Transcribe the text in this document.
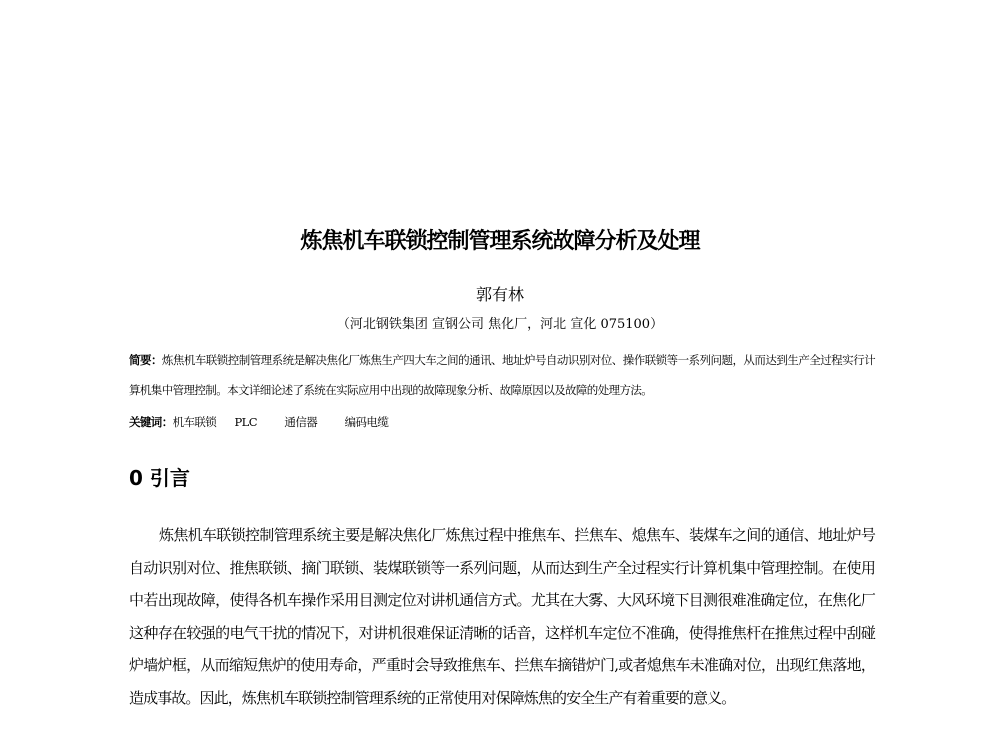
炼焦机车联锁控制管理系统故障分析及处理
郭有林
（河北钢铁集团 宣钢公司 焦化厂，河北 宣化 075100）
简要：炼焦机车联锁控制管理系统是解决焦化厂炼焦生产四大车之间的通讯、地址炉号自动识别对位、操作联锁等一系列问题，从而达到生产全过程实行计算机集中管理控制。本文详细论述了系统在实际应用中出现的故障现象分析、故障原因以及故障的处理方法。
关键词：机车联锁      PLC         通信器         编码电缆
0 引言

炼焦机车联锁控制管理系统主要是解决焦化厂炼焦过程中推焦车、拦焦车、熄焦车、装煤车之间的通信、地址炉号自动识别对位、推焦联锁、摘门联锁、装煤联锁等一系列问题，从而达到生产全过程实行计算机集中管理控制。在使用中若出现故障，使得各机车操作采用目测定位对讲机通信方式。尤其在大雾、大风环境下目测很难准确定位，在焦化厂这种存在较强的电气干扰的情况下，对讲机很难保证清晰的话音，这样机车定位不准确，使得推焦杆在推焦过程中刮碰炉墙炉框，从而缩短焦炉的使用寿命，严重时会导致推焦车、拦焦车摘错炉门,或者熄焦车未准确对位，出现红焦落地，造成事故。因此，炼焦机车联锁控制管理系统的正常使用对保障炼焦的安全生产有着重要的意义。
